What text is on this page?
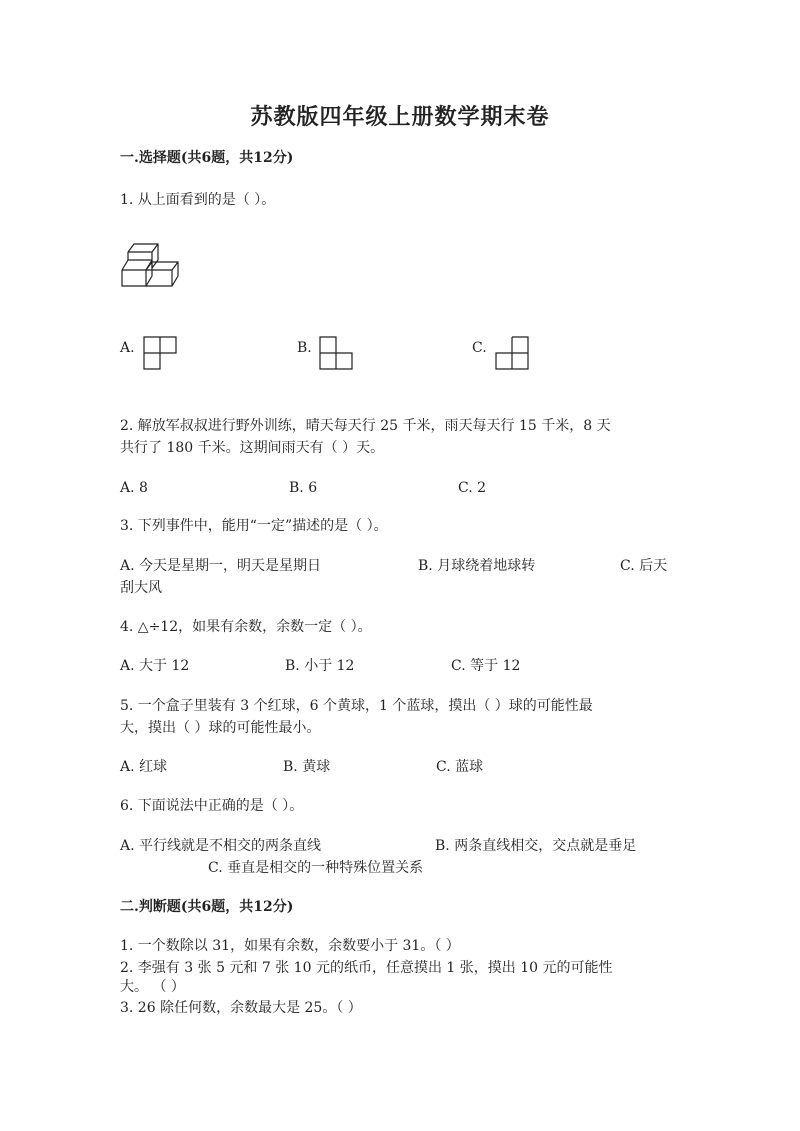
苏教版四年级上册数学期末卷
一.选择题(共6题，共12分)
1. 从上面看到的是（ ）。
A.	B.	C.
2. 解放军叔叔进行野外训练，晴天每天行 25 千米，雨天每天行 15 千米，8 天
共行了 180 千米。这期间雨天有（ ）天。
A. 8	B. 6	C. 2
3. 下列事件中，能用“一定”描述的是（ ）。
A. 今天是星期一，明天是星期日	B. 月球绕着地球转	C. 后天
刮大风
4. △÷12，如果有余数，余数一定（ ）。
A. 大于 12	B. 小于 12	C. 等于 12
5. 一个盒子里装有 3 个红球，6 个黄球，1 个蓝球，摸出（ ）球的可能性最
大，摸出（ ）球的可能性最小。
A. 红球	B. 黄球	C. 蓝球
6. 下面说法中正确的是（ ）。
A. 平行线就是不相交的两条直线	B. 两条直线相交，交点就是垂足
C. 垂直是相交的一种特殊位置关系
二.判断题(共6题，共12分)
1. 一个数除以 31，如果有余数，余数要小于 31。（ ）
2. 李强有 3 张 5 元和 7 张 10 元的纸币，任意摸出 1 张，摸出 10 元的可能性
大。 （ ）
3. 26 除任何数，余数最大是 25。（ ）
